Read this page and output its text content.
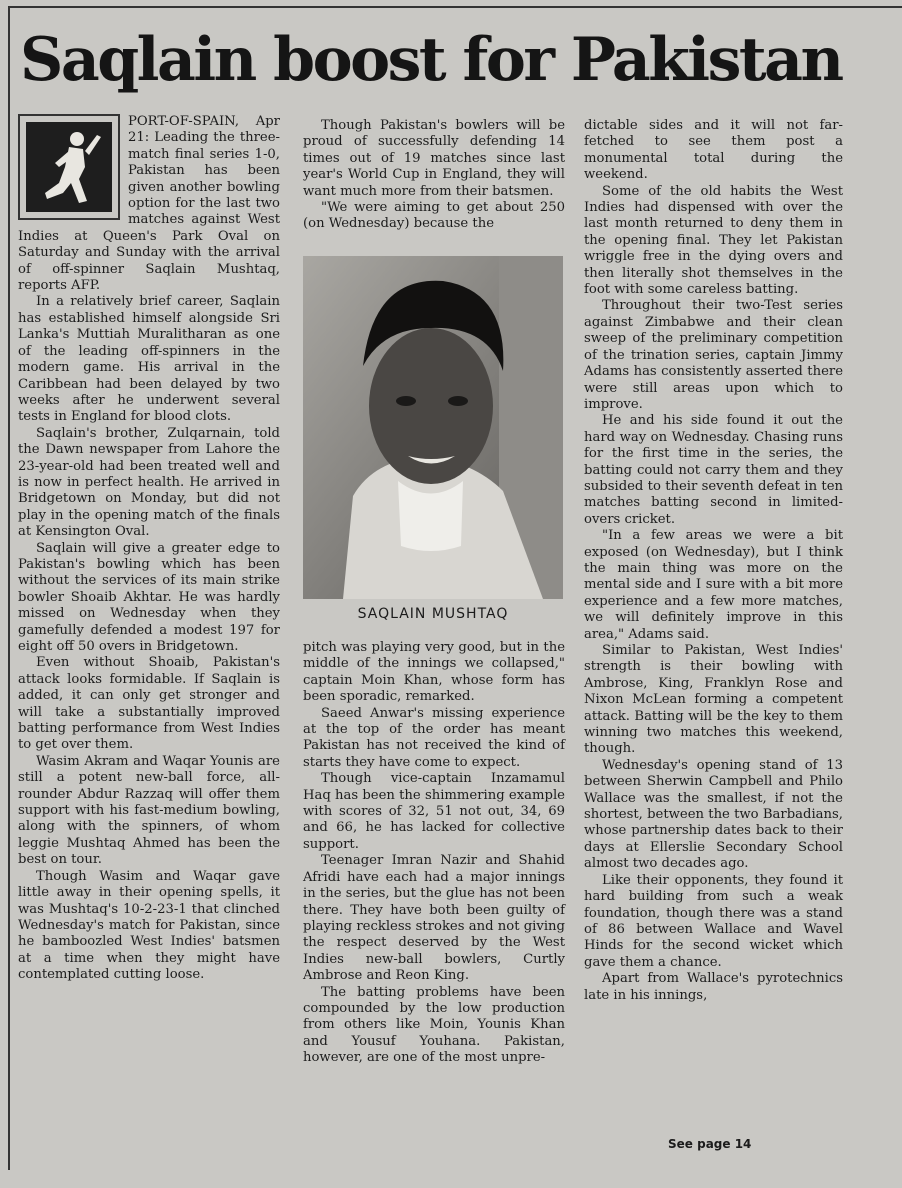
Saqlain boost for Pakistan

PORT-OF-SPAIN, Apr 21: Leading the three-match final series 1-0, Pakistan has been given another bowling option for the last two matches against West Indies at Queen's Park Oval on Saturday and Sunday with the arrival of off-spinner Saqlain Mushtaq, reports AFP.

In a relatively brief career, Saqlain has established himself alongside Sri Lanka's Muttiah Muralitharan as one of the leading off-spinners in the modern game. His arrival in the Caribbean had been delayed by two weeks after he underwent several tests in England for blood clots.

Saqlain's brother, Zulqarnain, told the Dawn newspaper from Lahore the 23-year-old had been treated well and is now in perfect health. He arrived in Bridgetown on Monday, but did not play in the opening match of the finals at Kensington Oval.

Saqlain will give a greater edge to Pakistan's bowling which has been without the services of its main strike bowler Shoaib Akhtar. He was hardly missed on Wednesday when they gamefully defended a modest 197 for eight off 50 overs in Bridgetown.

Even without Shoaib, Pakistan's attack looks formidable. If Saqlain is added, it can only get stronger and will take a substantially improved batting performance from West Indies to get over them.

Wasim Akram and Waqar Younis are still a potent new-ball force, all-rounder Abdur Razzaq will offer them support with his fast-medium bowling, along with the spinners, of whom leggie Mushtaq Ahmed has been the best on tour.

Though Wasim and Waqar gave little away in their opening spells, it was Mushtaq's 10-2-23-1 that clinched Wednesday's match for Pakistan, since he bamboozled West Indies' batsmen at a time when they might have contemplated cutting loose.

Though Pakistan's bowlers will be proud of successfully defending 14 times out of 19 matches since last year's World Cup in England, they will want much more from their batsmen.

"We were aiming to get about 250 (on Wednesday) because the

SAQLAIN MUSHTAQ

pitch was playing very good, but in the middle of the innings we collapsed," captain Moin Khan, whose form has been sporadic, remarked.

Saeed Anwar's missing experience at the top of the order has meant Pakistan has not received the kind of starts they have come to expect.

Though vice-captain Inzamamul Haq has been the shimmering example with scores of 32, 51 not out, 34, 69 and 66, he has lacked for collective support.

Teenager Imran Nazir and Shahid Afridi have each had a major innings in the series, but the glue has not been there. They have both been guilty of playing reckless strokes and not giving the respect deserved by the West Indies new-ball bowlers, Curtly Ambrose and Reon King.

The batting problems have been compounded by the low production from others like Moin, Younis Khan and Yousuf Youhana. Pakistan, however, are one of the most unpre-

dictable sides and it will not far-fetched to see them post a monumental total during the weekend.

Some of the old habits the West Indies had dispensed with over the last month returned to deny them in the opening final. They let Pakistan wriggle free in the dying overs and then literally shot themselves in the foot with some careless batting.

Throughout their two-Test series against Zimbabwe and their clean sweep of the preliminary competition of the trination series, captain Jimmy Adams has consistently asserted there were still areas upon which to improve.

He and his side found it out the hard way on Wednesday. Chasing runs for the first time in the series, the batting could not carry them and they subsided to their seventh defeat in ten matches batting second in limited-overs cricket.

"In a few areas we were a bit exposed (on Wednesday), but I think the main thing was more on the mental side and I sure with a bit more experience and a few more matches, we will definitely improve in this area," Adams said.

Similar to Pakistan, West Indies' strength is their bowling with Ambrose, King, Franklyn Rose and Nixon McLean forming a competent attack. Batting will be the key to them winning two matches this weekend, though.

Wednesday's opening stand of 13 between Sherwin Campbell and Philo Wallace was the smallest, if not the shortest, between the two Barbadians, whose partnership dates back to their days at Ellerslie Secondary School almost two decades ago.

Like their opponents, they found it hard building from such a weak foundation, though there was a stand of 86 between Wallace and Wavel Hinds for the second wicket which gave them a chance.

Apart from Wallace's pyrotechnics late in his innings,

See page 14
